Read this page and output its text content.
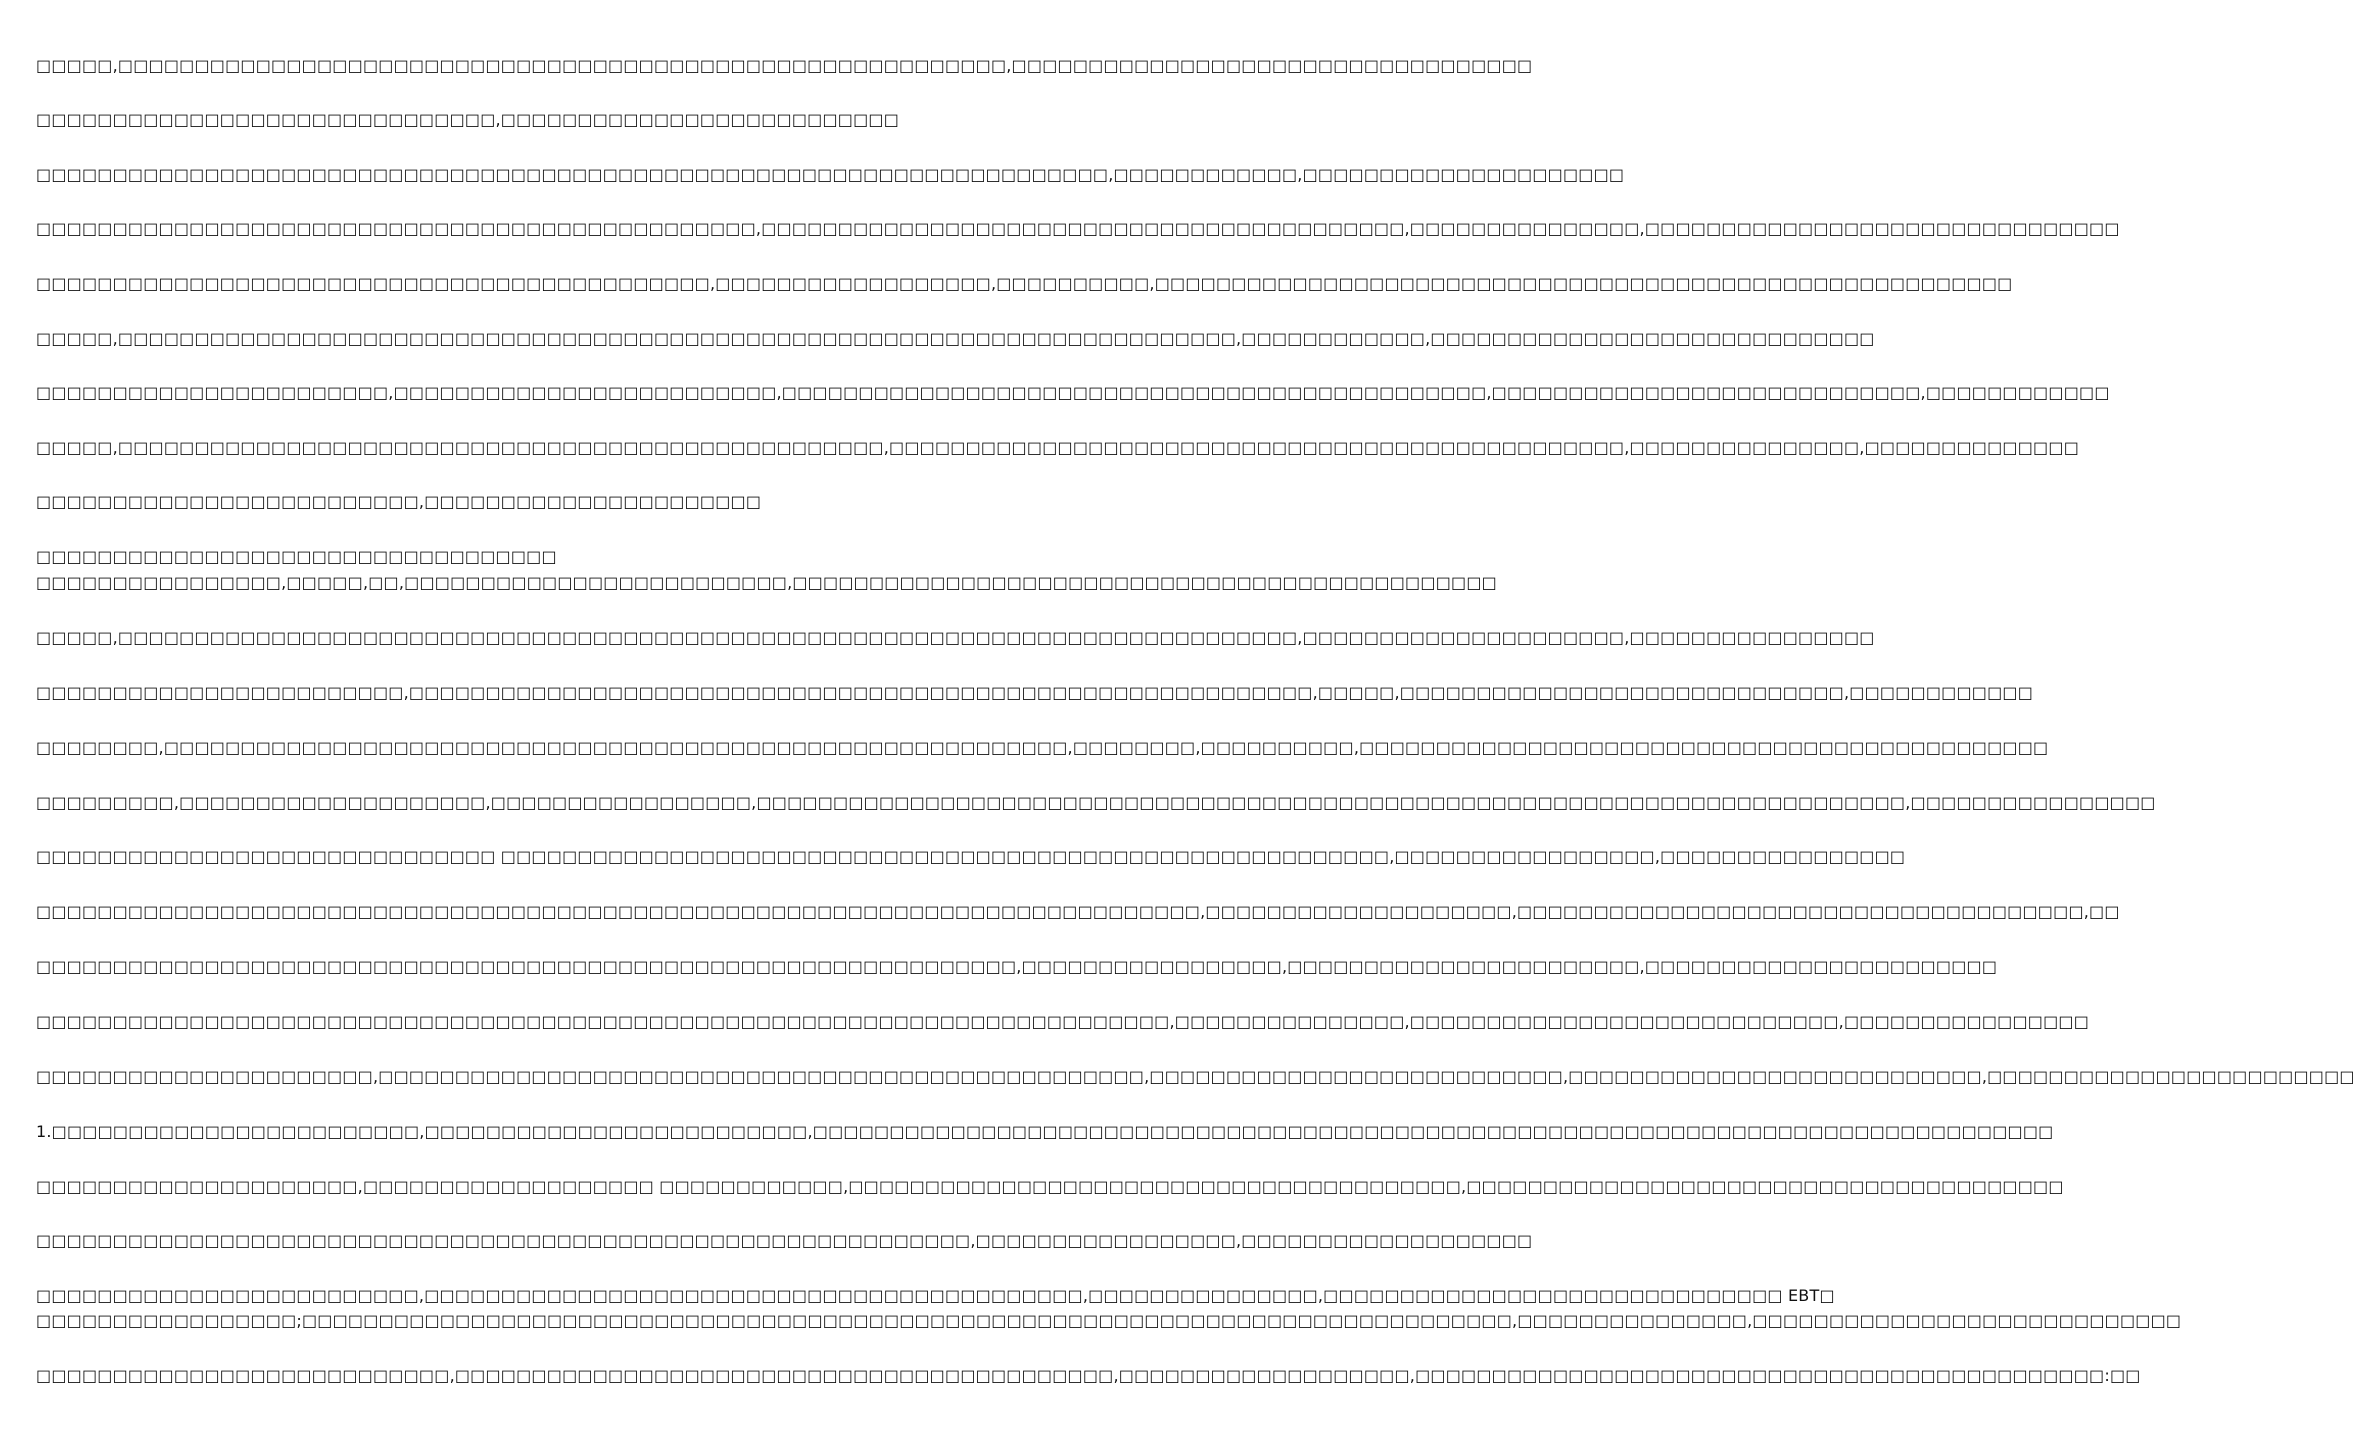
□□□□□,□□□□□□□□□□□□□□□□□□□□□□□□□□□□□□□□□□□□□□□□□□□□□□□□□□□□□□□□□□,□□□□□□□□□□□□□□□□□□□□□□□□□□□□□□□□□□
□□□□□□□□□□□□□□□□□□□□□□□□□□□□□□,□□□□□□□□□□□□□□□□□□□□□□□□□□
□□□□□□□□□□□□□□□□□□□□□□□□□□□□□□□□□□□□□□□□□□□□□□□□□□□□□□□□□□□□□□□□□□□□□□,□□□□□□□□□□□□,□□□□□□□□□□□□□□□□□□□□□
□□□□□□□□□□□□□□□□□□□□□□□□□□□□□□□□□□□□□□□□□□□□□□□,□□□□□□□□□□□□□□□□□□□□□□□□□□□□□□□□□□□□□□□□□□,□□□□□□□□□□□□□□□,□□□□□□□□□□□□□□□□□□□□□□□□□□□□□□□
□□□□□□□□□□□□□□□□□□□□□□□□□□□□□□□□□□□□□□□□□□□□,□□□□□□□□□□□□□□□□□□,□□□□□□□□□□,□□□□□□□□□□□□□□□□□□□□□□□□□□□□□□□□□□□□□□□□□□□□□□□□□□□□□□□□
□□□□□,□□□□□□□□□□□□□□□□□□□□□□□□□□□□□□□□□□□□□□□□□□□□□□□□□□□□□□□□□□□□□□□□□□□□□□□□□,□□□□□□□□□□□□,□□□□□□□□□□□□□□□□□□□□□□□□□□□□□
□□□□□□□□□□□□□□□□□□□□□□□,□□□□□□□□□□□□□□□□□□□□□□□□□,□□□□□□□□□□□□□□□□□□□□□□□□□□□□□□□□□□□□□□□□□□□□□□,□□□□□□□□□□□□□□□□□□□□□□□□□□□□,□□□□□□□□□□□□
□□□□□,□□□□□□□□□□□□□□□□□□□□□□□□□□□□□□□□□□□□□□□□□□□□□□□□□□,□□□□□□□□□□□□□□□□□□□□□□□□□□□□□□□□□□□□□□□□□□□□□□□□,□□□□□□□□□□□□□□□,□□□□□□□□□□□□□□
□□□□□□□□□□□□□□□□□□□□□□□□□,□□□□□□□□□□□□□□□□□□□□□□
□□□□□□□□□□□□□□□□□□□□□□□□□□□□□□□□□□
□□□□□□□□□□□□□□□□,□□□□□,□□,□□□□□□□□□□□□□□□□□□□□□□□□□,□□□□□□□□□□□□□□□□□□□□□□□□□□□□□□□□□□□□□□□□□□□□□□
□□□□□,□□□□□□□□□□□□□□□□□□□□□□□□□□□□□□□□□□□□□□□□□□□□□□□□□□□□□□□□□□□□□□□□□□□□□□□□□□□□□,□□□□□□□□□□□□□□□□□□□□□,□□□□□□□□□□□□□□□□
□□□□□□□□□□□□□□□□□□□□□□□□,□□□□□□□□□□□□□□□□□□□□□□□□□□□□□□□□□□□□□□□□□□□□□□□□□□□□□□□□□□□,□□□□□,□□□□□□□□□□□□□□□□□□□□□□□□□□□□□,□□□□□□□□□□□□
□□□□□□□□,□□□□□□□□□□□□□□□□□□□□□□□□□□□□□□□□□□□□□□□□□□□□□□□□□□□□□□□□□□□,□□□□□□□□,□□□□□□□□□□,□□□□□□□□□□□□□□□□□□□□□□□□□□□□□□□□□□□□□□□□□□□□□
□□□□□□□□□,□□□□□□□□□□□□□□□□□□□□,□□□□□□□□□□□□□□□□□,□□□□□□□□□□□□□□□□□□□□□□□□□□□□□□□□□□□□□□□□□□□□□□□□□□□□□□□□□□□□□□□□□□□□□□□□□□□,□□□□□□□□□□□□□□□□
□□□□□□□□□□□□□□□□□□□□□□□□□□□□□□ □□□□□□□□□□□□□□□□□□□□□□□□□□□□□□□□□□□□□□□□□□□□□□□□□□□□□□□□□□,□□□□□□□□□□□□□□□□□,□□□□□□□□□□□□□□□□
□□□□□□□□□□□□□□□□□□□□□□□□□□□□□□□□□□□□□□□□□□□□□□□□□□□□□□□□□□□□□□□□□□□□□□□□□□□□,□□□□□□□□□□□□□□□□□□□□,□□□□□□□□□□□□□□□□□□□□□□□□□□□□□□□□□□□□□,□□
□□□□□□□□□□□□□□□□□□□□□□□□□□□□□□□□□□□□□□□□□□□□□□□□□□□□□□□□□□□□□□□□,□□□□□□□□□□□□□□□□□,□□□□□□□□□□□□□□□□□□□□□□□,□□□□□□□□□□□□□□□□□□□□□□□
□□□□□□□□□□□□□□□□□□□□□□□□□□□□□□□□□□□□□□□□□□□□□□□□□□□□□□□□□□□□□□□□□□□□□□□□□□,□□□□□□□□□□□□□□□,□□□□□□□□□□□□□□□□□□□□□□□□□□□□,□□□□□□□□□□□□□□□□
□□□□□□□□□□□□□□□□□□□□□□,□□□□□□□□□□□□□□□□□□□□□□□□□□□□□□□□□□□□□□□□□□□□□□□□□□,□□□□□□□□□□□□□□□□□□□□□□□□□□□,□□□□□□□□□□□□□□□□□□□□□□□□□□□,□□□□□□□□□□□□□□□□□□□□□□□□
1.□□□□□□□□□□□□□□□□□□□□□□□□,□□□□□□□□□□□□□□□□□□□□□□□□□,□□□□□□□□□□□□□□□□□□□□□□□□□□□□□□□□□□□□□□□□□□□□□□□□□□□□□□□□□□□□□□□□□□□□□□□□□□□□□□□□□
□□□□□□□□□□□□□□□□□□□□□,□□□□□□□□□□□□□□□□□□□ □□□□□□□□□□□□,□□□□□□□□□□□□□□□□□□□□□□□□□□□□□□□□□□□□□□□□,□□□□□□□□□□□□□□□□□□□□□□□□□□□□□□□□□□□□□□□
□□□□□□□□□□□□□□□□□□□□□□□□□□□□□□□□□□□□□□□□□□□□□□□□□□□□□□□□□□□□□,□□□□□□□□□□□□□□□□□,□□□□□□□□□□□□□□□□□□□
□□□□□□□□□□□□□□□□□□□□□□□□□,□□□□□□□□□□□□□□□□□□□□□□□□□□□□□□□□□□□□□□□□□□□,□□□□□□□□□□□□□□□,□□□□□□□□□□□□□□□□□□□□□□□□□□□□□□ EBT□
□□□□□□□□□□□□□□□□□;□□□□□□□□□□□□□□□□□□□□□□□□□□□□□□□□□□□□□□□□□□□□□□□□□□□□□□□□□□□□□□□□□□□□□□□□□□□□□□□,□□□□□□□□□□□□□□□,□□□□□□□□□□□□□□□□□□□□□□□□□□□□
□□□□□□□□□□□□□□□□□□□□□□□□□□□,□□□□□□□□□□□□□□□□□□□□□□□□□□□□□□□□□□□□□□□□□□□,□□□□□□□□□□□□□□□□□□□,□□□□□□□□□□□□□□□□□□□□□□□□□□□□□□□□□□□□□□□□□□□□□:□□
